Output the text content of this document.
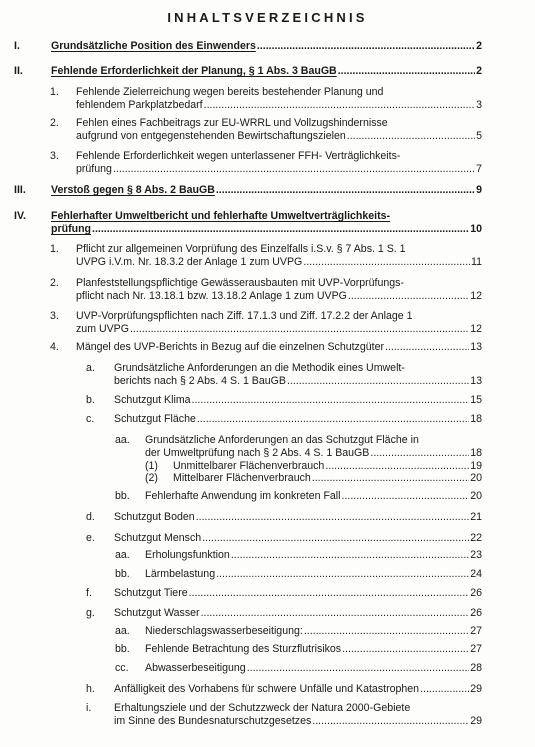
INHALTSVERZEICHNIS
I.	Grundsätzliche Position des Einwenders .....	2
II.	Fehlende Erforderlichkeit der Planung, § 1 Abs. 3 BauGB .....	2
1. Fehlende Zielerreichung wegen bereits bestehender Planung und
fehlendem Parkplatzbedarf .....	3
2. Fehlen eines Fachbeitrags zur EU-WRRL und Vollzugshindernisse
aufgrund von entgegenstehenden Bewirtschaftungszielen .....	5
3. Fehlende Erforderlichkeit wegen unterlassener FFH- Verträglichkeits-
prüfung .....	7
III. Verstoß gegen § 8 Abs. 2 BauGB .....	9
IV. Fehlerhafter Umweltbericht und fehlerhafte Umweltverträglichkeits-
prüfung .....	10
1. Pflicht zur allgemeinen Vorprüfung des Einzelfalls i.S.v. § 7 Abs. 1 S. 1
UVPG i.V.m. Nr. 18.3.2 der Anlage 1 zum UVPG .....	11
2. Planfeststellungspflichtige Gewässerausbauten mit UVP-Vorprüfungs-
pflicht nach Nr. 13.18.1 bzw. 13.18.2 Anlage 1 zum UVPG .....	12
3. UVP-Vorprüfungspflichten nach Ziff. 17.1.3 und Ziff. 17.2.2 der Anlage 1
zum UVPG .....	12
4. Mängel des UVP-Berichts in Bezug auf die einzelnen Schutzgüter .....	13
a. Grundsätzliche Anforderungen an die Methodik eines Umwelt-
berichts nach § 2 Abs. 4 S. 1 BauGB .....	13
b. Schutzgut Klima .....	15
c. Schutzgut Fläche .....	18
aa. Grundsätzliche Anforderungen an das Schutzgut Fläche in
der Umweltprüfung nach § 2 Abs. 4 S. 1 BauGB .....	18
(1) Unmittelbarer Flächenverbrauch .....	19
(2) Mittelbarer Flächenverbrauch .....	20
bb. Fehlerhafte Anwendung im konkreten Fall .....	20
d. Schutzgut Boden .....	21
e. Schutzgut Mensch .....	22
aa. Erholungsfunktion .....	23
bb. Lärmbelastung .....	24
f. Schutzgut Tiere .....	26
g. Schutzgut Wasser .....	26
aa. Niederschlagswasserbeseitigung: .....	27
bb. Fehlende Betrachtung des Sturzflutrisikos .....	27
cc. Abwasserbeseitigung .....	28
h. Anfälligkeit des Vorhabens für schwere Unfälle und Katastrophen .....	29
i. Erhaltungsziele und der Schutzzweck der Natura 2000-Gebiete
im Sinne des Bundesnaturschutzgesetzes .....	29
